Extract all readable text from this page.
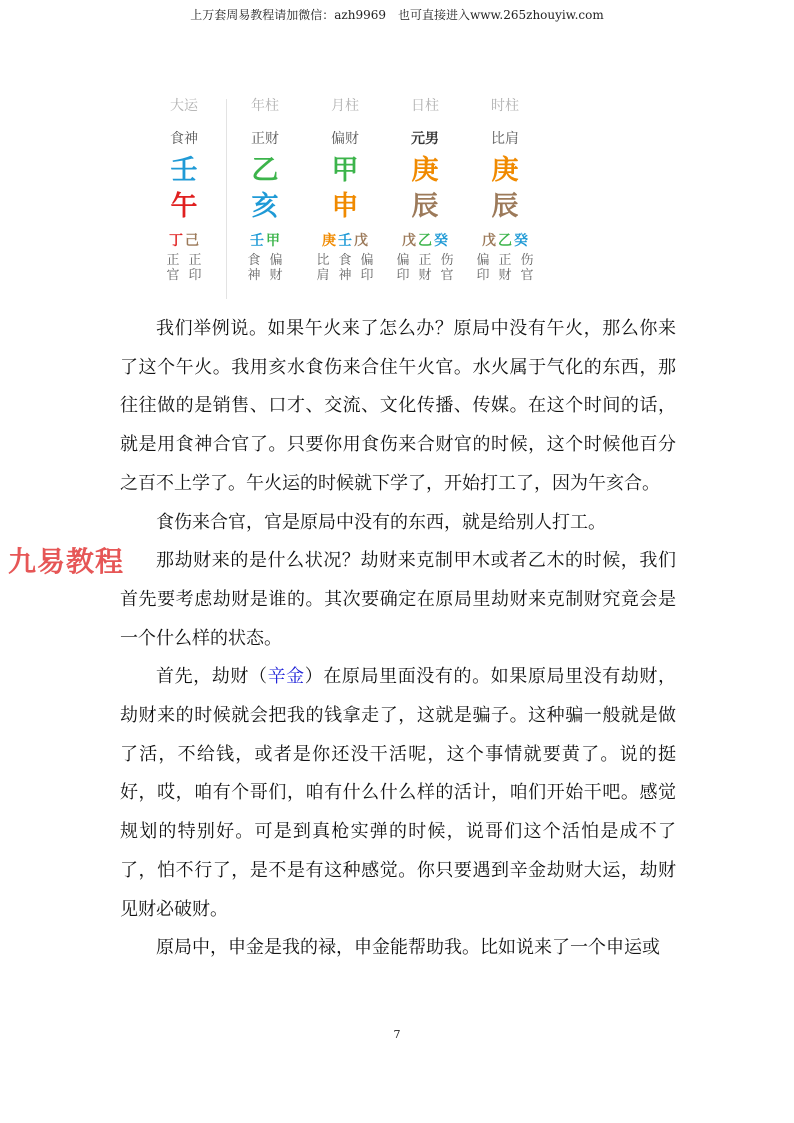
上万套周易教程请加微信：azh9969　也可直接进入www.265zhouyiw.com
大运
食神
壬
午
丁 己
正
官
正
印
年柱
正财
乙
亥
壬 甲
食
神
偏
财
月柱
偏财
甲
申
庚 壬 戊
比
肩
食
神
偏
印
日柱
元男
庚
辰
戊 乙 癸
偏
印
正
财
伤
官
时柱
比肩
庚
辰
戊 乙 癸
偏
印
正
财
伤
官

我们举例说。如果午火来了怎么办？原局中没有午火，那么你来了这个午火。我用亥水食伤来合住午火官。水火属于气化的东西，那往往做的是销售、口才、交流、文化传播、传媒。在这个时间的话，就是用食神合官了。只要你用食伤来合财官的时候，这个时候他百分之百不上学了。午火运的时候就下学了，开始打工了，因为午亥合。

食伤来合官，官是原局中没有的东西，就是给别人打工。

那劫财来的是什么状况？劫财来克制甲木或者乙木的时候，我们首先要考虑劫财是谁的。其次要确定在原局里劫财来克制财究竟会是一个什么样的状态。

首先，劫财（辛金）在原局里面没有的。如果原局里没有劫财，劫财来的时候就会把我的钱拿走了，这就是骗子。这种骗一般就是做了活，不给钱，或者是你还没干活呢，这个事情就要黄了。说的挺好，哎，咱有个哥们，咱有什么什么样的活计，咱们开始干吧。感觉规划的特别好。可是到真枪实弹的时候，说哥们这个活怕是成不了了，怕不行了，是不是有这种感觉。你只要遇到辛金劫财大运，劫财见财必破财。

原局中，申金是我的禄，申金能帮助我。比如说来了一个申运或

九易教程
7
